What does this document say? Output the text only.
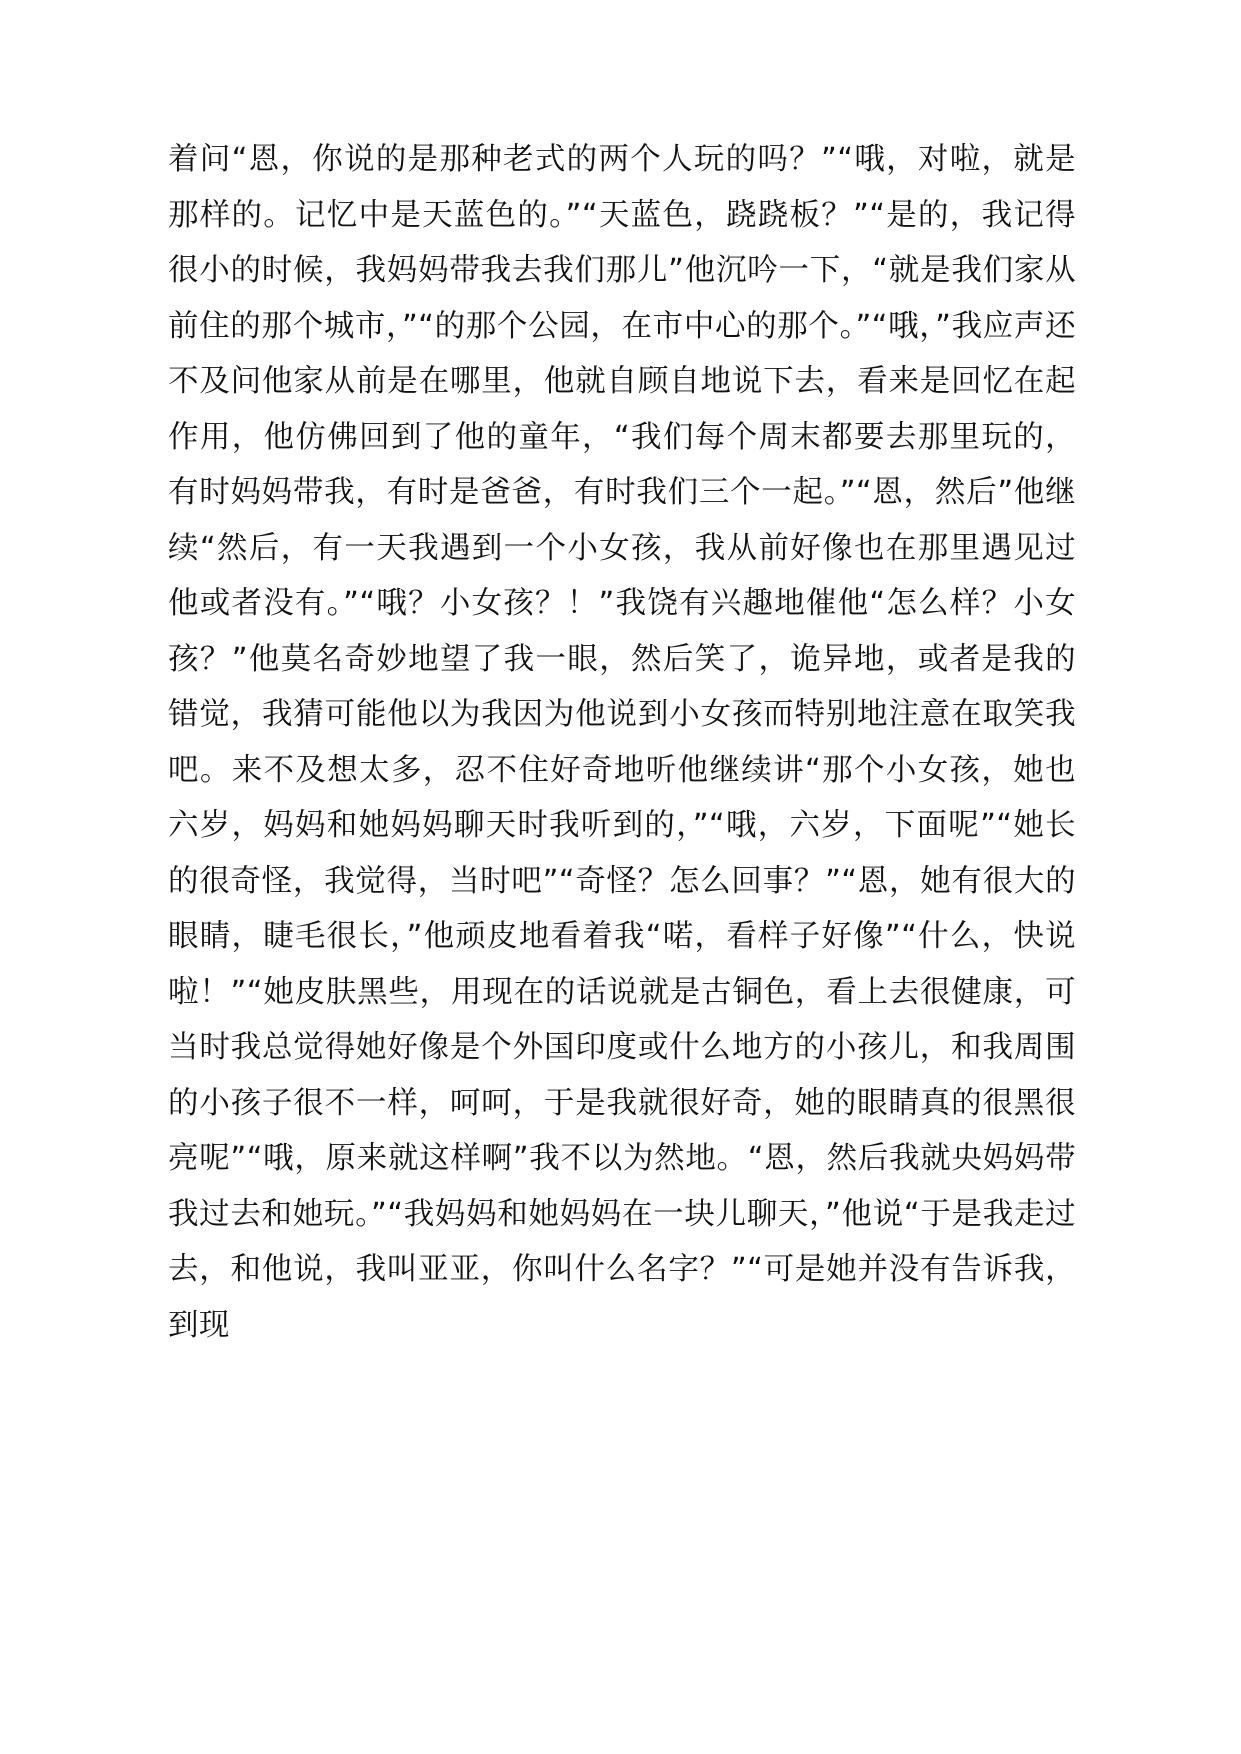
着问“恩，你说的是那种老式的两个人玩的吗？”“哦，对啦，就是那样的。记忆中是天蓝色的。”“天蓝色，跷跷板？”“是的，我记得很小的时候，我妈妈带我去我们那儿”他沉吟一下，“就是我们家从前住的那个城市，”“的那个公园，在市中心的那个。”“哦，”我应声还不及问他家从前是在哪里，他就自顾自地说下去，看来是回忆在起作用，他仿佛回到了他的童年，“我们每个周末都要去那里玩的，有时妈妈带我，有时是爸爸，有时我们三个一起。”“恩，然后”他继续“然后，有一天我遇到一个小女孩，我从前好像也在那里遇见过他或者没有。”“哦？小女孩？！”我饶有兴趣地催他“怎么样？小女孩？”他莫名奇妙地望了我一眼，然后笑了，诡异地，或者是我的错觉，我猜可能他以为我因为他说到小女孩而特别地注意在取笑我吧。来不及想太多，忍不住好奇地听他继续讲“那个小女孩，她也六岁，妈妈和她妈妈聊天时我听到的，”“哦，六岁，下面呢”“她长的很奇怪，我觉得，当时吧”“奇怪？怎么回事？”“恩，她有很大的眼睛，睫毛很长，”他顽皮地看着我“喏，看样子好像”“什么，快说啦！”“她皮肤黑些，用现在的话说就是古铜色，看上去很健康，可当时我总觉得她好像是个外国印度或什么地方的小孩儿，和我周围的小孩子很不一样，呵呵，于是我就很好奇，她的眼睛真的很黑很亮呢”“哦，原来就这样啊”我不以为然地。“恩，然后我就央妈妈带我过去和她玩。”“我妈妈和她妈妈在一块儿聊天，”他说“于是我走过去，和他说，我叫亚亚，你叫什么名字？”“可是她并没有告诉我，到现
